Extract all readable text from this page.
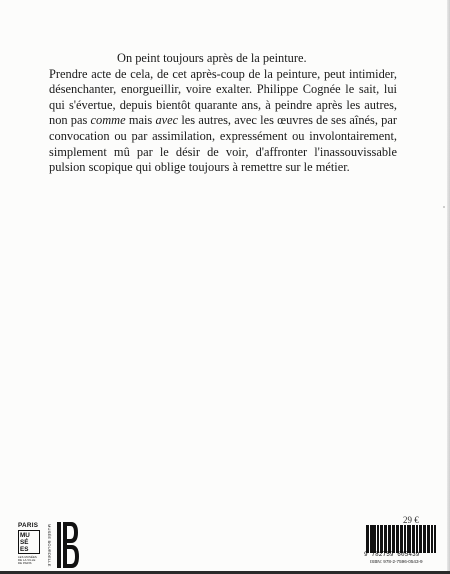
On peint toujours après de la peinture.
Prendre acte de cela, de cet après-coup de la peinture, peut intimider,
désenchanter, enorgueillir, voire exalter. Philippe Cognée le sait, lui
qui s'évertue, depuis bientôt quarante ans, à peindre après les autres,
non pas comme mais avec les autres, avec les œuvres de ses aînés, par
convocation ou par assimilation, expressément ou involontairement,
simplement mû par le désir de voir, d'affronter l'inassouvissable
pulsion scopique qui oblige toujours à remettre sur le métier.
PARIS
MU
SÉ
ES
LES MUSÉES
DE LA VILLE
DE PARIS	MUSÉE BOURDELLE
29 €
9 782759 605439
ISBN: 978-2-7596-0543-9
